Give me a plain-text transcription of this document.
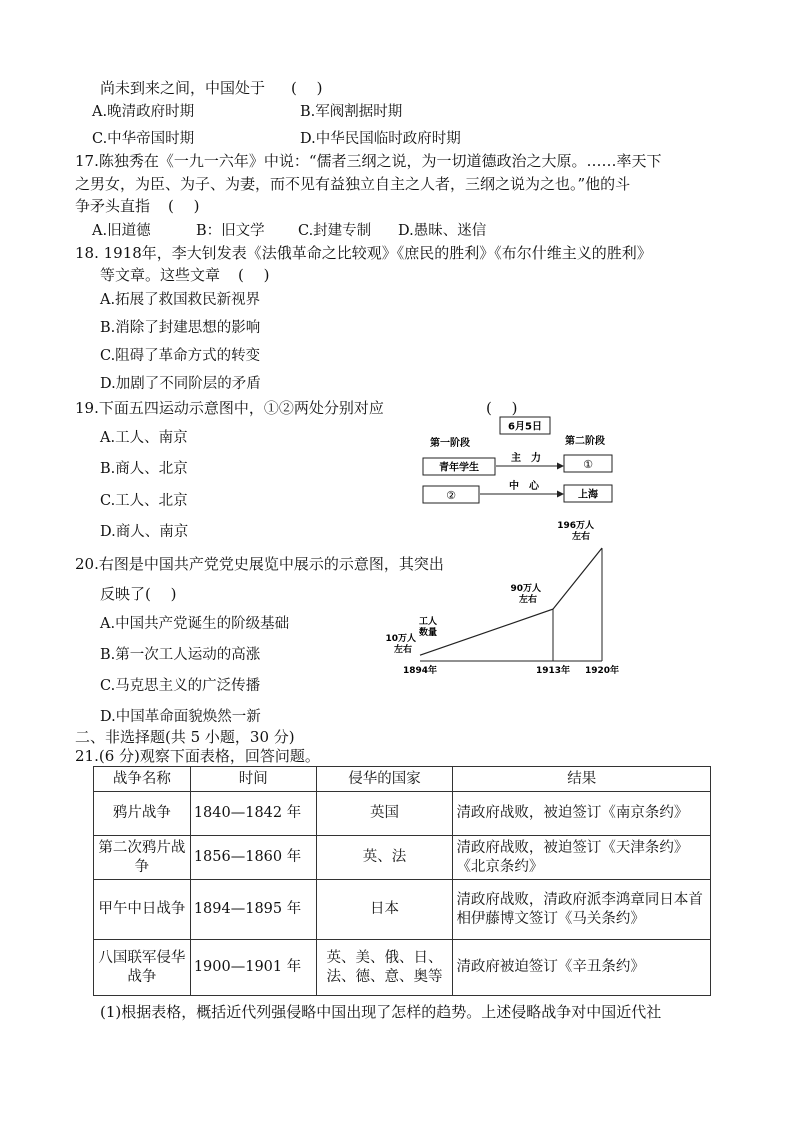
尚未到来之间，中国处于 (　 )
A.晚清政府时期	B.军阀割据时期
C.中华帝国时期	D.中华民国临时政府时期
17.陈独秀在《一九一六年》中说：“儒者三纲之说，为一切道德政治之大原。……率天下
之男女，为臣、为子、为妻，而不见有益独立自主之人者，三纲之说为之也。”他的斗
争矛头直指 (　 )
A.旧道德	B：旧文学 C.封建专制 D.愚昧、迷信
18. 1918年，李大钊发表《法俄革命之比较观》《庶民的胜利》《布尔什维主义的胜利》
等文章。这些文章 (　 )
A.拓展了救国救民新视界
B.消除了封建思想的影响
C.阻碍了革命方式的转变
D.加剧了不同阶层的矛盾
19.下面五四运动示意图中，①②两处分别对应	(　 )
A.工人、南京
B.商人、北京
C.工人、北京
D.商人、南京
6月5日
第一阶段	第二阶段
青年学生	①
②	上海
主　力
中　心
20.右图是中国共产党党史展览中展示的示意图，其突出
反映了(　 )
A.中国共产党诞生的阶级基础
B.第一次工人运动的高涨
C.马克思主义的广泛传播
D.中国革命面貌焕然一新
1894年	1913年 1920年
10万人
左右
90万人
左右
196万人
左右
工人
数量
二、非选择题(共 5 小题，30 分)
21.(6 分)观察下面表格，回答问题。
战争名称	时间	侵华的国家	结果
鸦片战争	1840—1842 年	英国	清政府战败，被迫签订《南京条约》
第二次鸦片战争	1856—1860 年	英、法	清政府战败，被迫签订《天津条约》《北京条约》
甲午中日战争	1894—1895 年	日本	清政府战败，清政府派李鸿章同日本首相伊藤博文签订《马关条约》
八国联军侵华战争	1900—1901 年	英、美、俄、日、法、德、意、奥等	清政府被迫签订《辛丑条约》
(1)根据表格，概括近代列强侵略中国出现了怎样的趋势。上述侵略战争对中国近代社
